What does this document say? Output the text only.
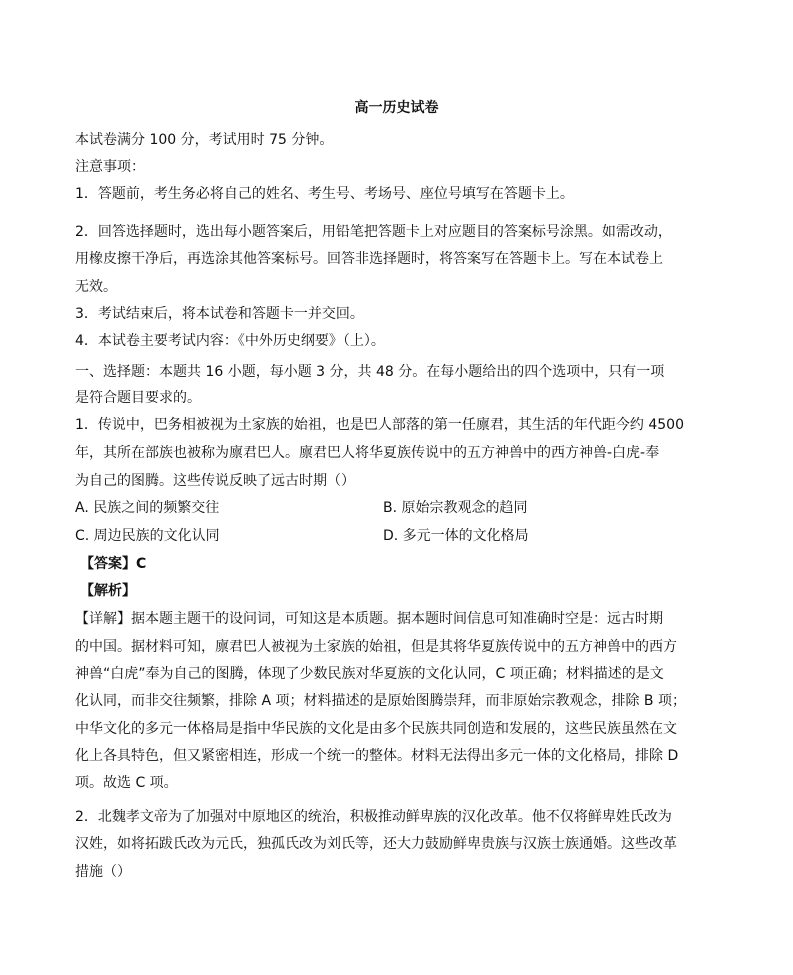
高一历史试卷
本试卷满分 100 分，考试用时 75 分钟。
注意事项：
1．答题前，考生务必将自己的姓名、考生号、考场号、座位号填写在答题卡上。
2．回答选择题时，选出每小题答案后，用铅笔把答题卡上对应题目的答案标号涂黑。如需改动，
用橡皮擦干净后，再选涂其他答案标号。回答非选择题时，将答案写在答题卡上。写在本试卷上
无效。
3．考试结束后，将本试卷和答题卡一并交回。
4．本试卷主要考试内容：《中外历史纲要》（上）。
一、选择题：本题共 16 小题，每小题 3 分，共 48 分。在每小题给出的四个选项中，只有一项
是符合题目要求的。
1．传说中，巴务相被视为土家族的始祖，也是巴人部落的第一任廪君，其生活的年代距今约 4500
年，其所在部族也被称为廪君巴人。廪君巴人将华夏族传说中的五方神兽中的西方神兽-白虎-奉
为自己的图腾。这些传说反映了远古时期（）
A. 民族之间的频繁交往	B. 原始宗教观念的趋同
C. 周边民族的文化认同	D. 多元一体的文化格局
【答案】C
【解析】
【详解】据本题主题干的设问词，可知这是本质题。据本题时间信息可知准确时空是：远古时期
的中国。据材料可知，廪君巴人被视为土家族的始祖，但是其将华夏族传说中的五方神兽中的西方
神兽“白虎”奉为自己的图腾，体现了少数民族对华夏族的文化认同，C 项正确；材料描述的是文
化认同，而非交往频繁，排除 A 项；材料描述的是原始图腾崇拜，而非原始宗教观念，排除 B 项；
中华文化的多元一体格局是指中华民族的文化是由多个民族共同创造和发展的，这些民族虽然在文
化上各具特色，但又紧密相连，形成一个统一的整体。材料无法得出多元一体的文化格局，排除 D
项。故选 C 项。
2．北魏孝文帝为了加强对中原地区的统治，积极推动鲜卑族的汉化改革。他不仅将鲜卑姓氏改为
汉姓，如将拓跋氏改为元氏，独孤氏改为刘氏等，还大力鼓励鲜卑贵族与汉族士族通婚。这些改革
措施（）
